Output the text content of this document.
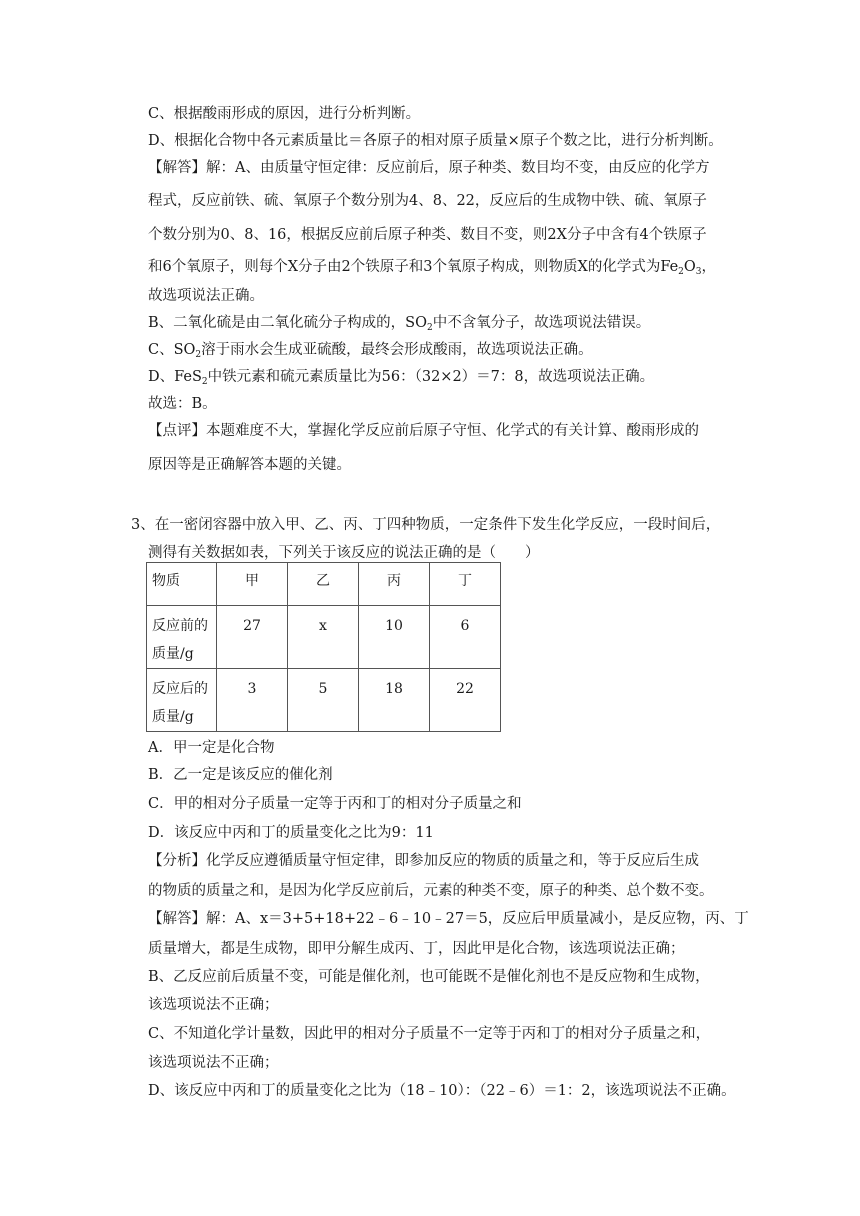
C、根据酸雨形成的原因，进行分析判断。
D、根据化合物中各元素质量比＝各原子的相对原子质量×原子个数之比，进行分析判断。
【解答】解：A、由质量守恒定律：反应前后，原子种类、数目均不变，由反应的化学方
程式，反应前铁、硫、氧原子个数分别为4、8、22，反应后的生成物中铁、硫、氧原子
个数分别为0、8、16，根据反应前后原子种类、数目不变，则2X分子中含有4个铁原子
和6个氧原子，则每个X分子由2个铁原子和3个氧原子构成，则物质X的化学式为$Fe_2O_3$，
故选项说法正确。
B、二氧化硫是由二氧化硫分子构成的，$SO_2$中不含氧分子，故选项说法错误。
C、$SO_2$溶于雨水会生成亚硫酸，最终会形成酸雨，故选项说法正确。
D、FeS$_2$中铁元素和硫元素质量比为56：（32×2）＝7：8，故选项说法正确。
故选：B。
【点评】本题难度不大，掌握化学反应前后原子守恒、化学式的有关计算、酸雨形成的
原因等是正确解答本题的关键。
3、在一密闭容器中放入甲、乙、丙、丁四种物质，一定条件下发生化学反应，一段时间后，
测得有关数据如表，下列关于该反应的说法正确的是（　　）
物质	甲	乙	丙	丁

反应前的
质量/g	27	x	10	6

反应后的
质量/g	3	5	18	22
A．甲一定是化合物
B．乙一定是该反应的催化剂
C．甲的相对分子质量一定等于丙和丁的相对分子质量之和
D．该反应中丙和丁的质量变化之比为9：11
【分析】化学反应遵循质量守恒定律，即参加反应的物质的质量之和，等于反应后生成
的物质的质量之和，是因为化学反应前后，元素的种类不变，原子的种类、总个数不变。
【解答】解：A、x＝3+5+18+22﹣6﹣10﹣27＝5，反应后甲质量减小，是反应物，丙、丁
质量增大，都是生成物，即甲分解生成丙、丁，因此甲是化合物，该选项说法正确；
B、乙反应前后质量不变，可能是催化剂，也可能既不是催化剂也不是反应物和生成物，
该选项说法不正确；
C、不知道化学计量数，因此甲的相对分子质量不一定等于丙和丁的相对分子质量之和，
该选项说法不正确；
D、该反应中丙和丁的质量变化之比为（18﹣10）：（22﹣6）＝1：2，该选项说法不正确。
